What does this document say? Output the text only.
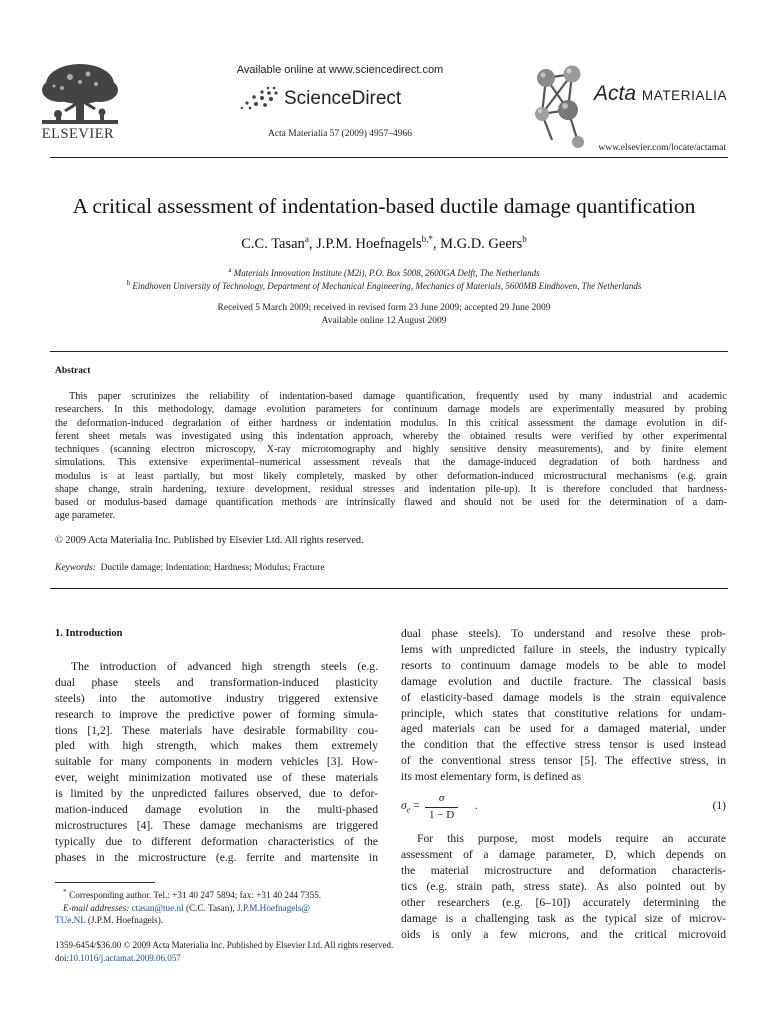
ELSEVIER
Available online at www.sciencedirect.com
ScienceDirect
Acta Materialia 57 (2009) 4957–4966
Acta MATERIALIA
www.elsevier.com/locate/actamat
A critical assessment of indentation-based ductile damage quantification
C.C. Tasan$^a$, J.P.M. Hoefnagels$^{b,*}$, M.G.D. Geers$^b$
$^a$ Materials Innovation Institute (M2i), P.O. Box 5008, 2600GA Delft, The Netherlands
$^b$ Eindhoven University of Technology, Department of Mechanical Engineering, Mechanics of Materials, 5600MB Eindhoven, The Netherlands
Received 5 March 2009; received in revised form 23 June 2009; accepted 29 June 2009
Available online 12 August 2009
Abstract
This paper scrutinizes the reliability of indentation-based damage quantification, frequently used by many industrial and academic
researchers. In this methodology, damage evolution parameters for continuum damage models are experimentally measured by probing
the deformation-induced degradation of either hardness or indentation modulus. In this critical assessment the damage evolution in dif-
ferent sheet metals was investigated using this indentation approach, whereby the obtained results were verified by other experimental
techniques (scanning electron microscopy, X-ray microtomography and highly sensitive density measurements), and by finite element
simulations. This extensive experimental–numerical assessment reveals that the damage-induced degradation of both hardness and
modulus is at least partially, but most likely completely, masked by other deformation-induced microstructural mechanisms (e.g. grain
shape change, strain hardening, texture development, residual stresses and indentation pile-up). It is therefore concluded that hardness-
based or modulus-based damage quantification methods are intrinsically flawed and should not be used for the determination of a dam-
age parameter.
© 2009 Acta Materialia Inc. Published by Elsevier Ltd. All rights reserved.
Keywords: Ductile damage; Indentation; Hardness; Modulus; Fracture
1. Introduction
The introduction of advanced high strength steels (e.g.
dual phase steels and transformation-induced plasticity
steels) into the automotive industry triggered extensive
research to improve the predictive power of forming simula-
tions [1,2]. These materials have desirable formability cou-
pled with high strength, which makes them extremely
suitable for many components in modern vehicles [3]. How-
ever, weight minimization motivated use of these materials
is limited by the unpredicted failures observed, due to defor-
mation-induced damage evolution in the multi-phased
microstructures [4]. These damage mechanisms are triggered
typically due to different deformation characteristics of the
phases in the microstructure (e.g. ferrite and martensite in
dual phase steels). To understand and resolve these prob-
lems with unpredicted failure in steels, the industry typically
resorts to continuum damage models to be able to model
damage evolution and ductile fracture. The classical basis
of elasticity-based damage models is the strain equivalence
principle, which states that constitutive relations for undam-
aged materials can be used for a damaged material, under
the condition that the effective stress tensor is used instead
of the conventional stress tensor [5]. The effective stress, in
its most elementary form, is defined as
$\sigma_e = \frac{\sigma}{1 - D}$ .	(1)
For this purpose, most models require an accurate
assessment of a damage parameter, D, which depends on
the material microstructure and deformation characteris-
tics (e.g. strain path, stress state). As also pointed out by
other researchers (e.g. [6–10]) accurately determining the
damage is a challenging task as the typical size of microv-
oids is only a few microns, and the critical microvoid

* Corresponding author. Tel.: +31 40 247 5894; fax: +31 40 244 7355.

E-mail addresses: ctasan@tue.nl (C.C. Tasan), J.P.M.Hoefnagels@

TUe.NL (J.P.M. Hoefnagels).

1359-6454/$36.00 © 2009 Acta Materialia Inc. Published by Elsevier Ltd. All rights reserved.
doi:10.1016/j.actamat.2009.06.057
